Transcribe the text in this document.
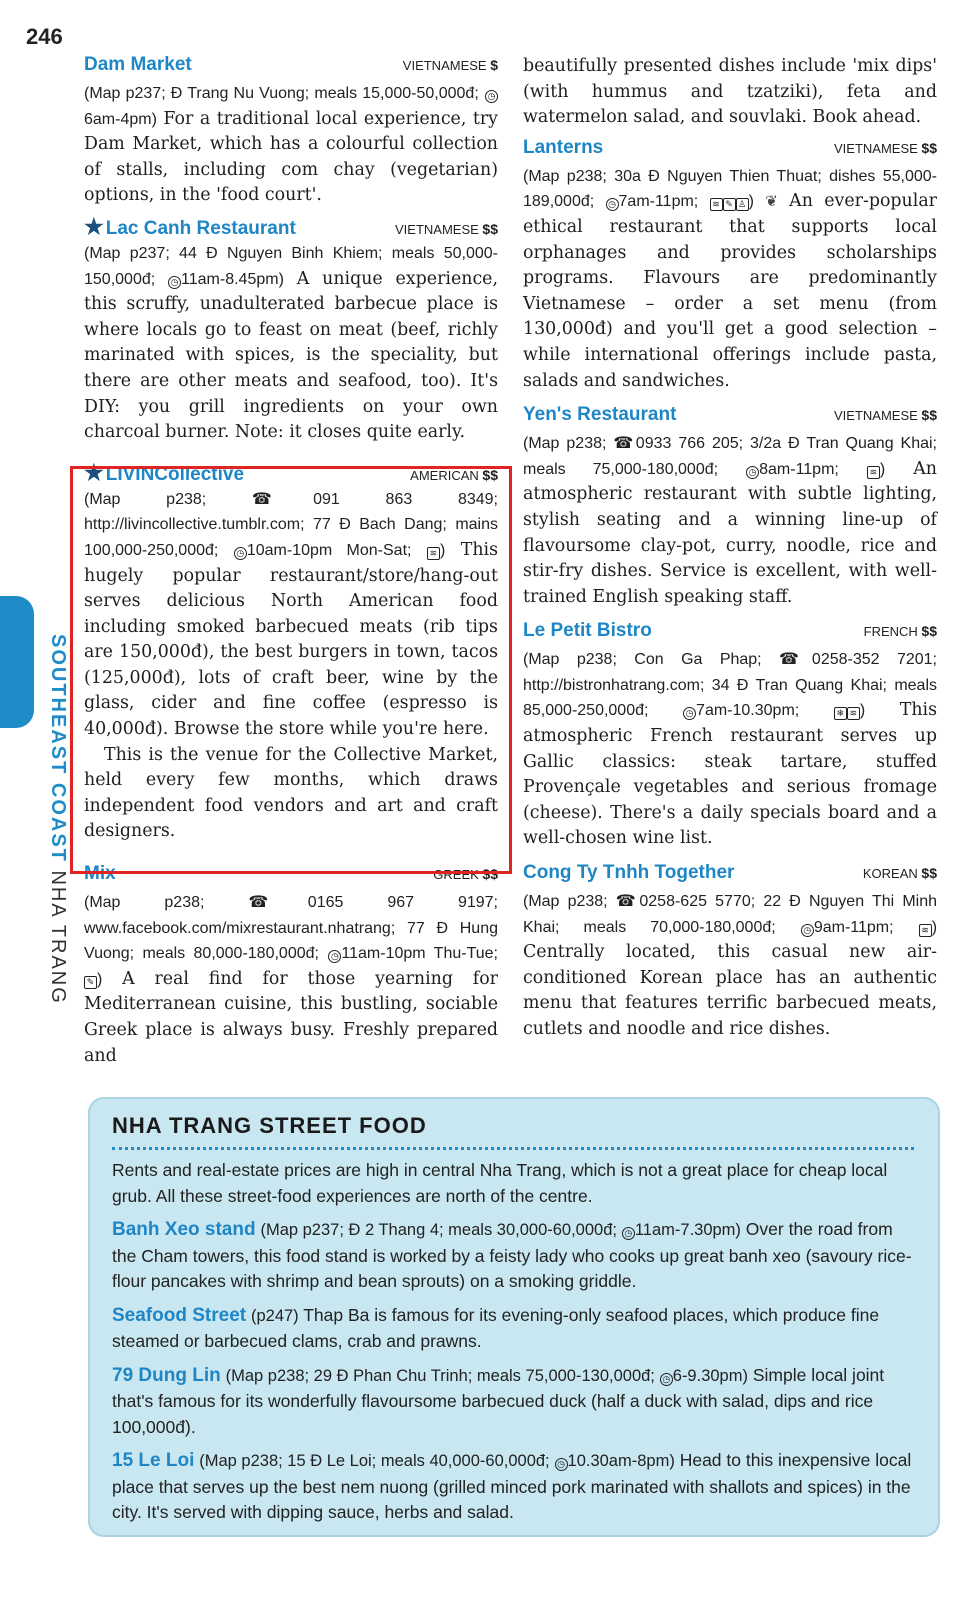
246
SOUTHEAST COAST NHA TRANG
Dam Market	VIETNAMESE $

(Map p237; Đ Trang Nu Vuong; meals 15,000-50,000đ; ◷6am-4pm) For a traditional local experience, try Dam Market, which has a colourful collection of stalls, including com chay (vegetarian) options, in the 'food court'.

★ Lac Canh Restaurant	VIETNAMESE $$

(Map p237; 44 Đ Nguyen Binh Khiem; meals 50,000-150,000đ; ◷ 11am-8.45pm) A unique experience, this scruffy, unadulterated barbecue place is where locals go to feast on meat (beef, richly marinated with spices, is the speciality, but there are other meats and seafood, too). It's DIY: you grill ingredients on your own charcoal burner. Note: it closes quite early.

★ LIVINCollective	AMERICAN $$

(Map p238; ☎091 863 8349; http://livincollective.tumblr.com; 77 Đ Bach Dang; mains 100,000-250,000đ; ◷ 10am-10pm Mon-Sat; ≋ ) This hugely popular restaurant/store/hang-out serves delicious North American food including smoked barbecued meats (rib tips are 150,000đ), the best burgers in town, tacos (125,000đ), lots of craft beer, wine by the glass, cider and fine coffee (espresso is 40,000đ). Browse the store while you're here.

This is the venue for the Collective Market, held every few months, which draws independent food vendors and art and craft designers.

Mix	GREEK $$

(Map p238; ☎0165 967 9197; www.facebook.com/mixrestaurant.nhatrang; 77 Đ Hung Vuong; meals 80,000-180,000đ; ◷ 11am-10pm Thu-Tue; ✎ ) A real find for those yearning for Mediterranean cuisine, this bustling, sociable Greek place is always busy. Freshly prepared and

beautifully presented dishes include 'mix dips' (with hummus and tzatziki), feta and watermelon salad, and souvlaki. Book ahead.

Lanterns	VIETNAMESE $$

(Map p238; 30a Đ Nguyen Thien Thuat; dishes 55,000-189,000đ; ◷ 7am-11pm; ≋ ✎ ♙ ) ❦ An ever-popular ethical restaurant that supports local orphanages and provides scholarships programs. Flavours are predominantly Vietnamese – order a set menu (from 130,000đ) and you'll get a good selection – while international offerings include pasta, salads and sandwiches.

Yen's Restaurant	VIETNAMESE $$

(Map p238; ☎0933 766 205; 3/2a Đ Tran Quang Khai; meals 75,000-180,000đ;	◷ 8am-11pm;	≋ ) An atmospheric restaurant with subtle lighting, stylish seating and a winning line-up of flavoursome clay-pot, curry, noodle, rice and stir-fry dishes. Service is excellent, with well-trained English speaking staff.

Le Petit Bistro	FRENCH $$

(Map p238; Con Ga Phap; ☎0258-352 7201; http://bistronhatrang.com; 34 Đ Tran Quang Khai; meals 85,000-250,000đ;	◷ 7am-10.30pm;	❄ ≋ ) This atmospheric French restaurant serves up Gallic classics: steak tartare, stuffed Provençale vegetables and serious fromage (cheese). There's a daily specials board and a well-chosen wine list.

Cong Ty Tnhh Together	KOREAN $$

(Map p238; ☎0258-625 5770; 22 Đ Nguyen Thi Minh Khai; meals 70,000-180,000đ;	◷ 9am-11pm;	≋ ) Centrally located, this casual new air-conditioned Korean place has an authentic menu that features terrific barbecued meats, cutlets and noodle and rice dishes.

NHA TRANG STREET FOOD

Rents and real-estate prices are high in central Nha Trang, which is not a great place for cheap local grub. All these street-food experiences are north of the centre.

Banh Xeo stand (Map p237; Đ 2 Thang 4; meals 30,000-60,000đ; ◷ 11am-7.30pm) Over the road from the Cham towers, this food stand is worked by a feisty lady who cooks up great banh xeo (savoury rice-flour pancakes with shrimp and bean sprouts) on a smoking griddle.

Seafood Street (p247) Thap Ba is famous for its evening-only seafood places, which produce fine steamed or barbecued clams, crab and prawns.

79 Dung Lin (Map p238; 29 Đ Phan Chu Trinh; meals 75,000-130,000đ; ◷ 6-9.30pm) Simple local joint that's famous for its wonderfully flavoursome barbecued duck (half a duck with salad, dips and rice 100,000đ).

15 Le Loi (Map p238; 15 Đ Le Loi; meals 40,000-60,000đ; ◷ 10.30am-8pm) Head to this inexpensive local place that serves up the best nem nuong (grilled minced pork marinated with shallots and spices) in the city. It's served with dipping sauce, herbs and salad.
